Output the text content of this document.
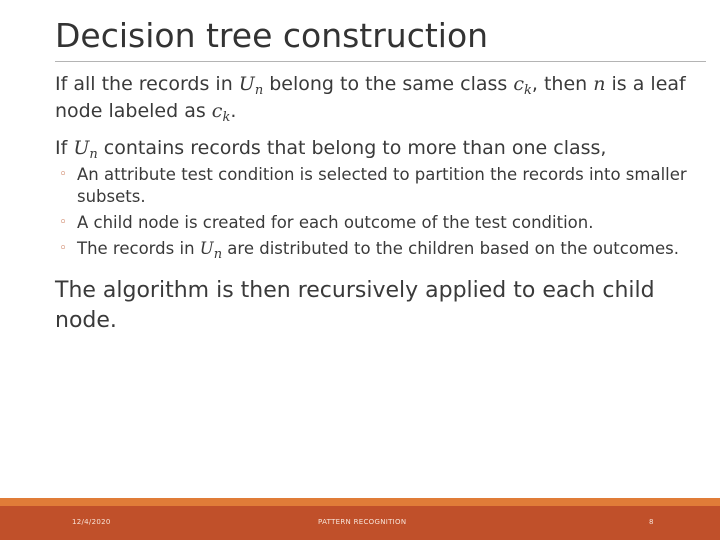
Decision tree construction

If all the records in $U_n$ belong to the same class $c_k$, then n is a leaf node labeled as $c_k$.

If $U_n$ contains records that belong to more than one class,

◦ An attribute test condition is selected to partition the records into smaller subsets.
◦ A child node is created for each outcome of the test condition.
◦ The records in $U_n$ are distributed to the children based on the outcomes.

The algorithm is then recursively applied to each child node.

12/4/2020	PATTERN RECOGNITION	8
